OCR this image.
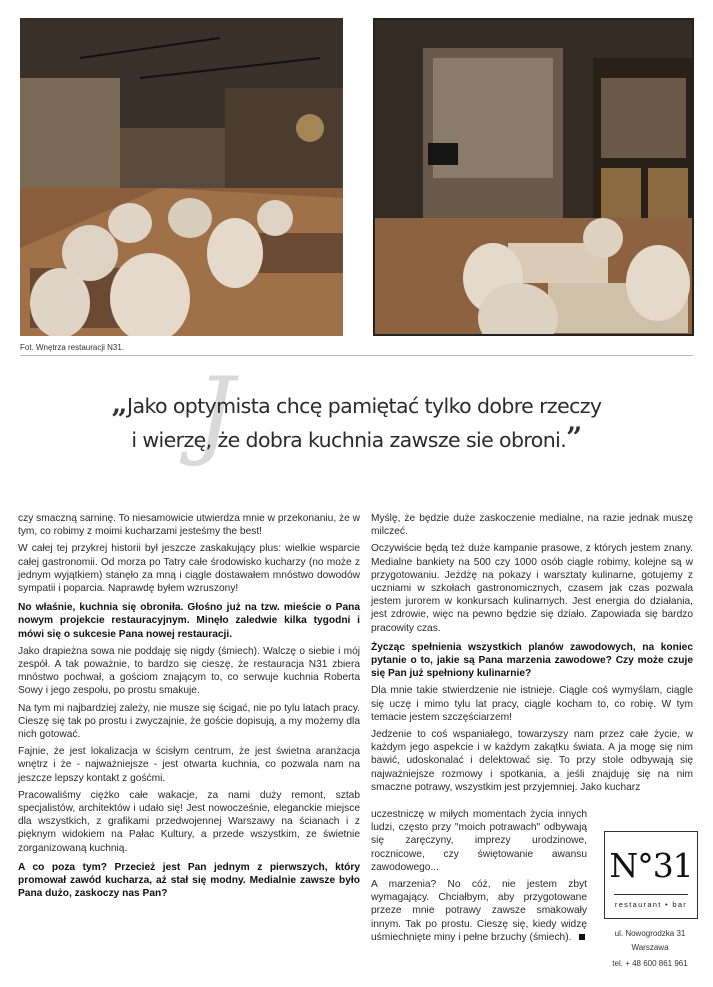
Fot. Wnętrza restauracji N31.
J
„Jako optymista chcę pamiętać tylko dobre rzeczy
i wierzę, że dobra kuchnia zawsze sie obroni.”

czy smaczną sarninę. To niesamowicie utwierdza mnie w przekonaniu, że w tym, co robimy z moimi kucharzami jesteśmy the best!

W całej tej przykrej historii był jeszcze zaskakujący plus: wielkie wsparcie całej gastronomii. Od morza po Tatry całe środowisko kucharzy (no może z jednym wyjątkiem) stanęło za mną i ciągle dostawałem mnóstwo dowodów sympatii i poparcia. Naprawdę byłem wzruszony!

No właśnie, kuchnia się obroniła. Głośno już na tzw. mieście o Pana nowym projekcie restauracyjnym. Minęło zaledwie kilka tygodni i mówi się o sukcesie Pana nowej restauracji.

Jako drapieżna sowa nie poddaję się nigdy (śmiech). Walczę o siebie i mój zespół. A tak poważnie, to bardzo się cieszę, że restauracja N31 zbiera mnóstwo pochwał, a gościom znającym to, co serwuje kuchnia Roberta Sowy i jego zespołu, po prostu smakuje.

Na tym mi najbardziej zależy, nie musze się ścigać, nie po tylu latach pracy. Cieszę się tak po prostu i zwyczajnie, że goście dopisują, a my możemy dla nich gotować.

Fajnie, że jest lokalizacja w ścisłym centrum, że jest świetna aranżacja wnętrz i że - najważniejsze - jest otwarta kuchnia, co pozwala nam na jeszcze lepszy kontakt z gośćmi.

Pracowaliśmy ciężko całe wakacje, za nami duży remont, sztab specjalistów, architektów i udało się! Jest nowocześnie, eleganckie miejsce dla wszystkich, z grafikami przedwojennej Warszawy na ścianach i z pięknym widokiem na Pałac Kultury, a przede wszystkim, ze świetnie zorganizowaną kuchnią.

A co poza tym? Przecież jest Pan jednym z pierwszych, który promował zawód kucharza, aż stał się modny. Medialnie zawsze było Pana dużo, zaskoczy nas Pan?

Myślę, że będzie duże zaskoczenie medialne, na razie jednak muszę milczeć.

Oczywiście będą też duże kampanie prasowe, z których jestem znany. Medialne bankiety na 500 czy 1000 osób ciągle robimy, kolejne są w przygotowaniu. Jeżdżę na pokazy i warsztaty kulinarne, gotujemy z uczniami w szkołach gastronomicznych, czasem jak czas pozwala jestem jurorem w konkursach kulinarnych. Jest energia do działania, jest zdrowie, więc na pewno będzie się działo. Zapowiada się bardzo pracowity czas.

Życząc spełnienia wszystkich planów zawodowych, na koniec pytanie o to, jakie są Pana marzenia zawodowe? Czy może czuje się Pan już spełniony kulinarnie?

Dla mnie takie stwierdzenie nie istnieje. Ciągle coś wymyślam, ciągle się uczę i mimo tylu lat pracy, ciągle kocham to, co robię. W tym temacie jestem szczęściarzem!

Jedzenie to coś wspaniałego, towarzyszy nam przez całe życie, w każdym jego aspekcie i w każdym zakątku świata. A ja mogę się nim bawić, udoskonalać i delektować się. To przy stole odbywają się najważniejsze rozmowy i spotkania, a jeśli znajduję się na nim smaczne potrawy, wszystkim jest przyjemniej. Jako kucharz

uczestniczę w miłych momentach życia innych ludzi, często przy "moich potrawach" odbywają się zaręczyny, imprezy urodzinowe, rocznicowe, czy świętowanie awansu zawodowego...

A marzenia? No cóż, nie jestem zbyt wymagający. Chciałbym, aby przygotowane przeze mnie potrawy zawsze smakowały innym. Tak po prostu. Cieszę się, kiedy widzę uśmiechnięte miny i pełne brzuchy (śmiech).

N°31
restaurant • bar
ul. Nowogrodzka 31
Warszawa
tel. + 48 600 861 961
